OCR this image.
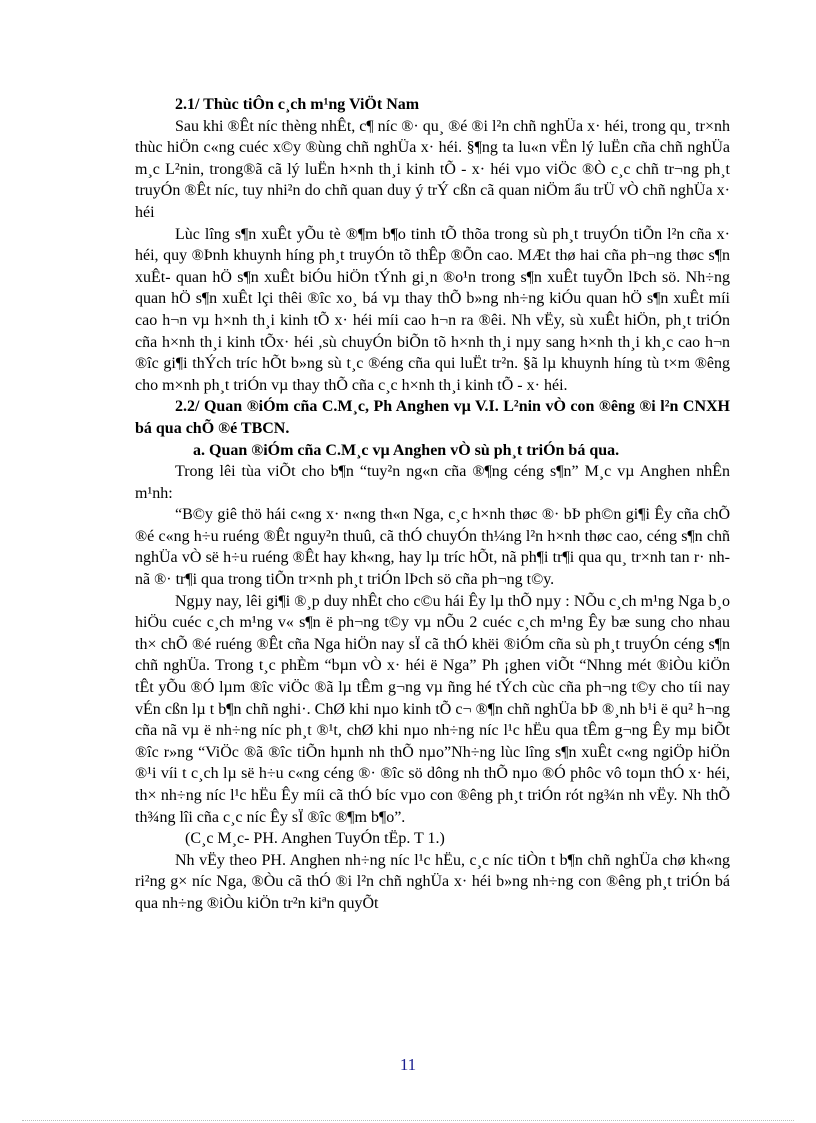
2.1/ Thùc tiÔn c¸ch m¹ng ViÖt Nam

Sau khi ®Êt níc thèng nhÊt, c¶ níc ®· qu¸ ®é ®i l²n chñ nghÜa x· héi, trong qu¸ tr×nh thùc hiÖn c«ng cuéc x©y ®ùng chñ nghÜa x· héi. §¶ng ta lu«n vËn lý luËn cña chñ nghÜa m¸c L²nin, trong®ã cã lý luËn h×nh th¸i kinh tÕ - x· héi vµo viÖc ®Ò c¸c chñ tr¬ng ph¸t truyÓn ®Êt níc, tuy nhi²n do chñ quan duy ý trÝ cßn cã quan niÖm ẩu trÜ vÒ chñ nghÜa x· héi

Lùc lîng s¶n xuÊt yÕu tè ®¶m b¶o tinh tÕ thõa trong sù ph¸t truyÓn tiÕn l²n cña x· héi, quy ®Þnh khuynh híng ph¸t truyÓn tõ thÊp ®Õn cao. MÆt thø hai cña ph¬ng thøc s¶n xuÊt- quan hÖ s¶n xuÊt biÓu hiÖn tÝnh gi¸n ®o¹n trong s¶n xuÊt tuyÕn lÞch sö. Nh÷ng quan hÖ s¶n xuÊt lçi thêi ®îc xo¸ bá vµ thay thÕ b»ng nh÷ng kiÓu quan hÖ s¶n xuÊt míi cao h¬n vµ h×nh th¸i kinh tÕ x· héi míi cao h¬n ra ®êi. Nh vËy, sù xuÊt hiÖn, ph¸t triÓn cña h×nh th¸i kinh tÕx· héi ,sù chuyÓn biÕn tõ h×nh th¸i nµy sang h×nh th¸i kh¸c cao h¬n ®îc gi¶i thÝch tríc hÕt b»ng sù t¸c ®éng cña qui luËt tr²n. §ã lµ khuynh híng tù t×m ®êng cho m×nh ph¸t triÓn vµ thay thÕ cña c¸c h×nh th¸i kinh tÕ - x· héi.

2.2/ Quan ®iÓm cña C.M¸c, Ph Anghen vµ V.I. L²nin vÒ con ®êng ®i l²n CNXH bá qua chÕ ®é TBCN.

a. Quan ®iÓm cña C.M¸c vµ Anghen vÒ sù ph¸t triÓn bá qua.

Trong lêi tùa viÕt cho b¶n “tuy²n ng«n cña ®¶ng céng s¶n” M¸c vµ Anghen nhÊn m¹nh:

“B©y giê thö hái c«ng x· n«ng th«n Nga, c¸c h×nh thøc ®· bÞ ph©n gi¶i Êy cña chÕ ®é c«ng h÷u ruéng ®Êt nguy²n thuû, cã thÓ chuyÓn th¼ng l²n h×nh thøc cao, céng s¶n chñ nghÜa vÒ së h÷u ruéng ®Êt hay kh«ng, hay lµ tríc hÕt, nã ph¶i tr¶i qua qu¸ tr×nh tan r· nh nã ®· tr¶i qua trong tiÕn tr×nh ph¸t triÓn lÞch sö cña ph¬ng t©y.

Ngµy nay, lêi gi¶i ®¸p duy nhÊt cho c©u hái Êy lµ thÕ nµy : NÕu c¸ch m¹ng Nga b¸o hiÖu cuéc c¸ch m¹ng v« s¶n ë ph¬ng t©y vµ nÕu 2 cuéc c¸ch m¹ng Êy bæ sung cho nhau th× chÕ ®é ruéng ®Êt cña Nga hiÖn nay sÏ cã thÓ khëi ®iÓm cña sù ph¸t truyÓn céng s¶n chñ nghÜa. Trong t¸c phÈm “bµn vÒ x· héi ë Nga” Ph ¡ghen viÕt “Nhng mét ®iÒu kiÖn tÊt yÕu ®Ó lµm ®îc viÖc ®ã lµ tÊm g¬ng vµ ñng hé tÝch cùc cña ph¬ng t©y cho tíi nay vÉn cßn lµ t b¶n chñ nghi·. ChØ khi nµo kinh tÕ c¬ ®¶n chñ nghÜa bÞ ®¸nh b¹i ë qu² h¬ng cña nã vµ ë nh÷ng níc ph¸t ®¹t, chØ khi nµo nh÷ng níc l¹c hËu qua tÊm g¬ng Êy mµ biÕt ®îc r»ng “ViÖc ®ã ®îc tiÕn hµnh nh thÕ nµo”Nh÷ng lùc lîng s¶n xuÊt c«ng ngiÖp hiÖn ®¹i víi t c¸ch lµ së h÷u c«ng céng ®· ®îc sö dông nh thÕ nµo ®Ó phôc vô toµn thÓ x· héi, th× nh÷ng níc l¹c hËu Êy míi cã thÓ bíc vµo con ®êng ph¸t triÓn rót ng¾n nh vËy. Nh thÕ th¾ng lîi cña c¸c níc Êy sÏ ®îc ®¶m b¶o”.

(C¸c M¸c- PH. Anghen TuyÓn tËp. T 1.)

Nh vËy theo PH. Anghen nh÷ng níc l¹c hËu, c¸c níc tiÒn t b¶n chñ nghÜa chø kh«ng ri²ng g× níc Nga, ®Òu cã thÓ ®i l²n chñ nghÜa x· héi b»ng nh÷ng con ®êng ph¸t triÓn bá qua nh÷ng ®iÒu kiÖn tr²n kiªn quyÕt

11
